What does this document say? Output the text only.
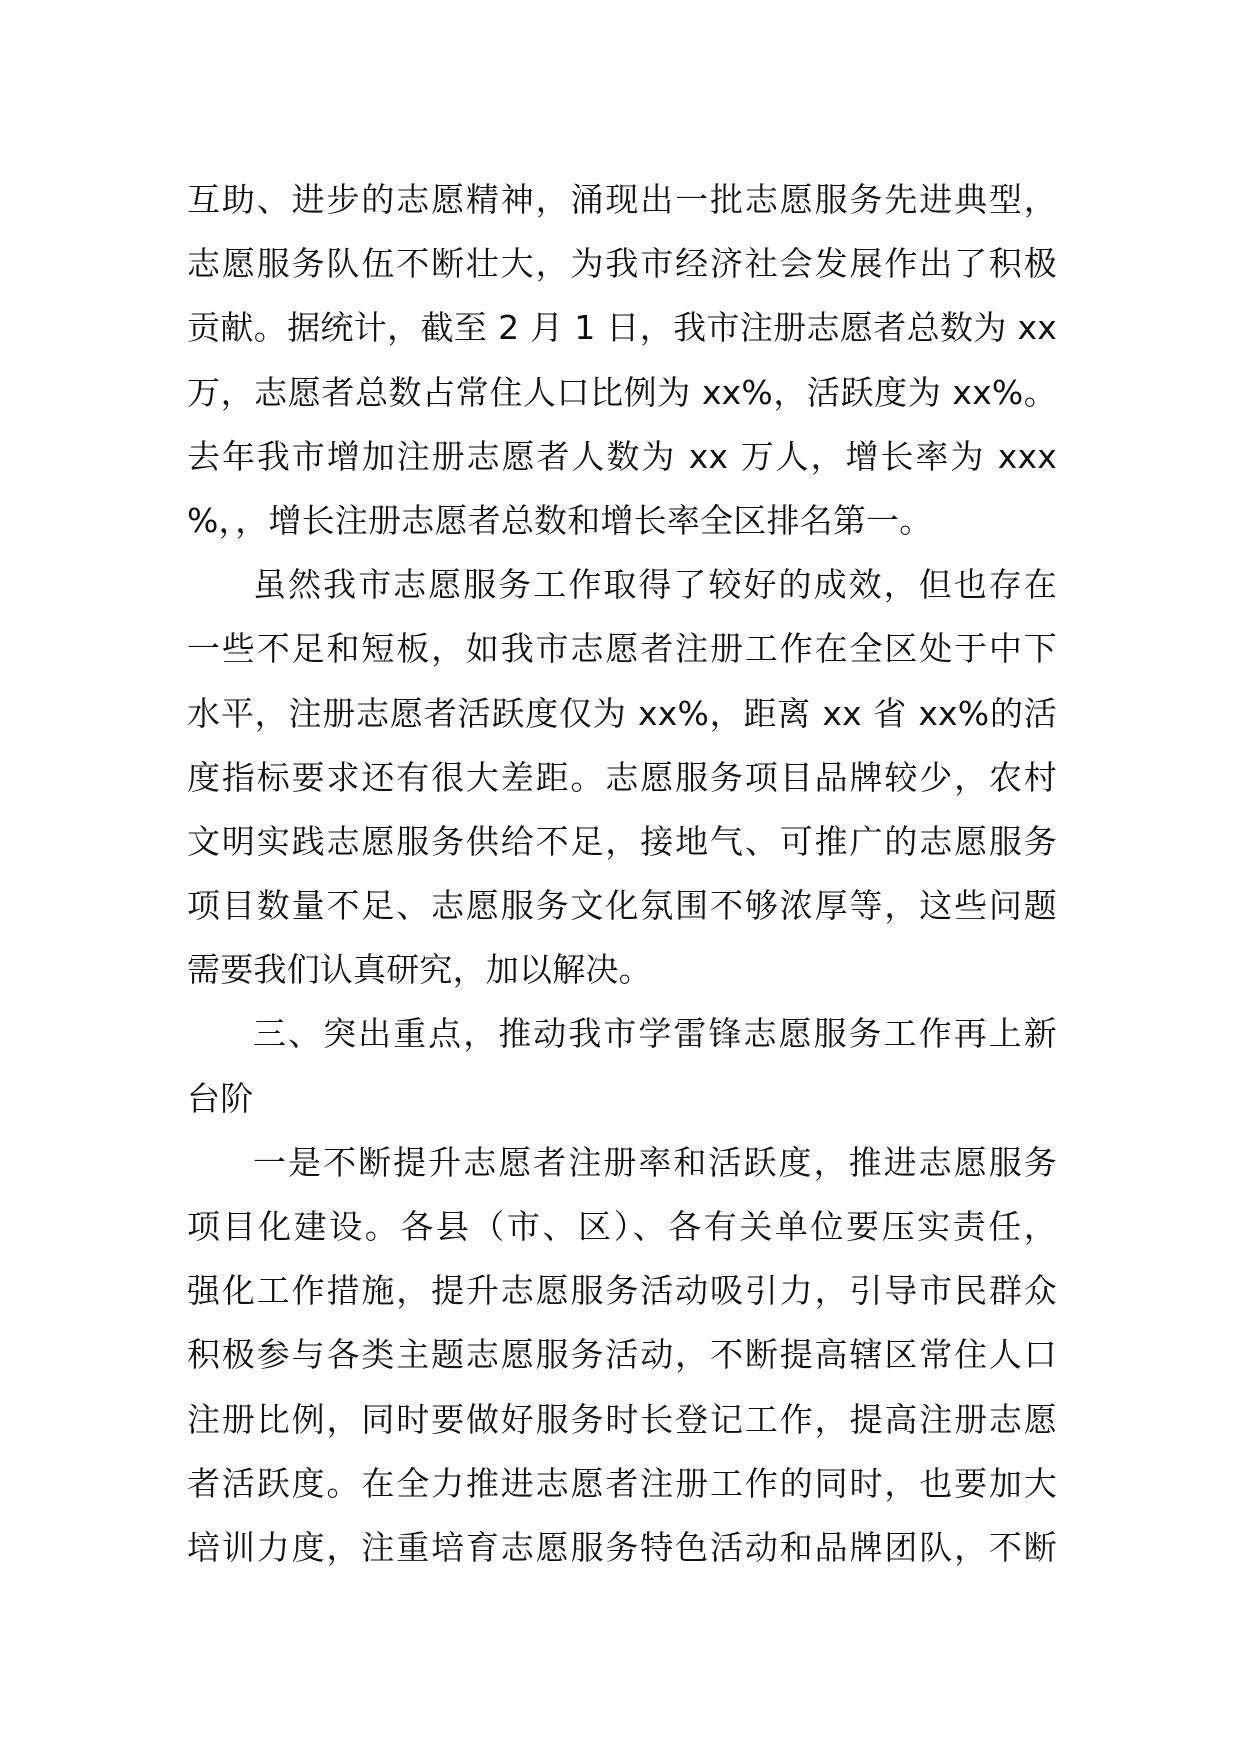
互助、进步的志愿精神，涌现出一批志愿服务先进典型，
志愿服务队伍不断壮大，为我市经济社会发展作出了积极
贡献。据统计，截至 2 月 1 日，我市注册志愿者总数为 xx
万，志愿者总数占常住人口比例为 xx%，活跃度为 xx%。
去年我市增加注册志愿者人数为 xx 万人，增长率为 xxx
%，，增长注册志愿者总数和增长率全区排名第一。
虽然我市志愿服务工作取得了较好的成效，但也存在
一些不足和短板，如我市志愿者注册工作在全区处于中下
水平，注册志愿者活跃度仅为 xx%，距离 xx 省 xx%的活
度指标要求还有很大差距。志愿服务项目品牌较少，农村
文明实践志愿服务供给不足，接地气、可推广的志愿服务
项目数量不足、志愿服务文化氛围不够浓厚等，这些问题
需要我们认真研究，加以解决。
三、突出重点，推动我市学雷锋志愿服务工作再上新
台阶
一是不断提升志愿者注册率和活跃度，推进志愿服务
项目化建设。各县（市、区）、各有关单位要压实责任，
强化工作措施，提升志愿服务活动吸引力，引导市民群众
积极参与各类主题志愿服务活动，不断提高辖区常住人口
注册比例，同时要做好服务时长登记工作，提高注册志愿
者活跃度。在全力推进志愿者注册工作的同时，也要加大
培训力度，注重培育志愿服务特色活动和品牌团队，不断
